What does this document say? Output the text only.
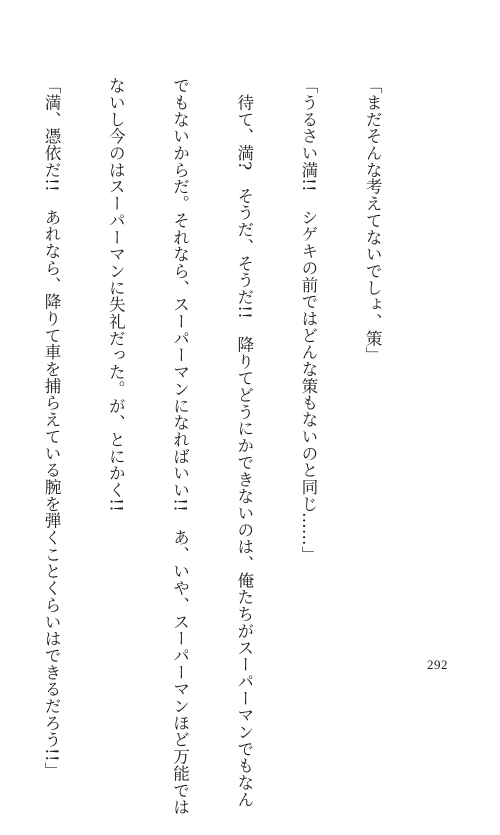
「まだそんな考えてないでしょ、策」

「うるさい満!!　シゲキの前ではどんな策もないのと同じ……」

　待て、満?　そうだ、そうだ!!　降りてどうにかできないのは、俺たちがスーパーマンでもなん

でもないからだ。それなら、スーパーマンになればいい!!　あ、いや、スーパーマンほど万能では

ないし今のはスーパーマンに失礼だった。が、とにかく!!

「満、憑依だ!!　あれなら、降りて車を捕らえている腕を弾くことくらいはできるだろう!!」

	292
